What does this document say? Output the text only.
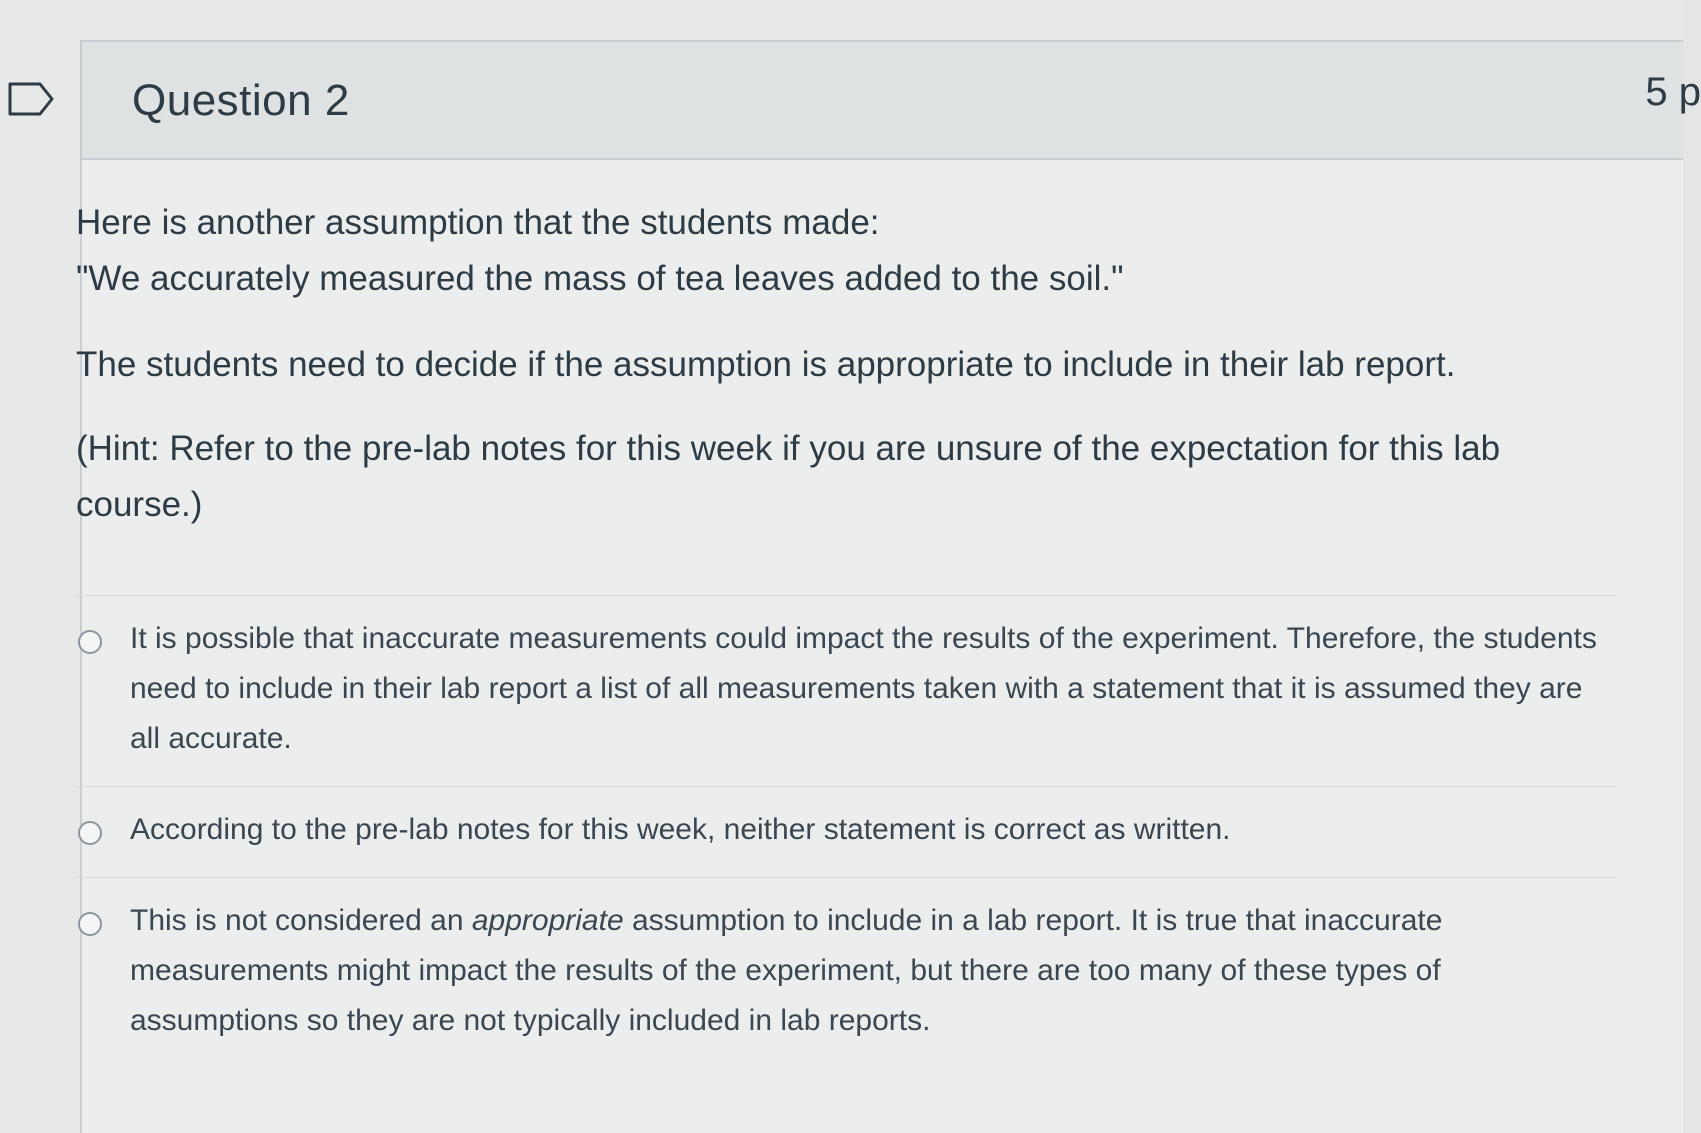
Question 2	5 p

Here is another assumption that the students made:

"We accurately measured the mass of tea leaves added to the soil."

The students need to decide if the assumption is appropriate to include in their lab report.

(Hint: Refer to the pre-lab notes for this week if you are unsure of the expectation for this lab course.)

It is possible that inaccurate measurements could impact the results of the experiment. Therefore, the students need to include in their lab report a list of all measurements taken with a statement that it is assumed they are all accurate.
According to the pre-lab notes for this week, neither statement is correct as written.
This is not considered an appropriate assumption to include in a lab report. It is true that inaccurate measurements might impact the results of the experiment, but there are too many of these types of assumptions so they are not typically included in lab reports.
